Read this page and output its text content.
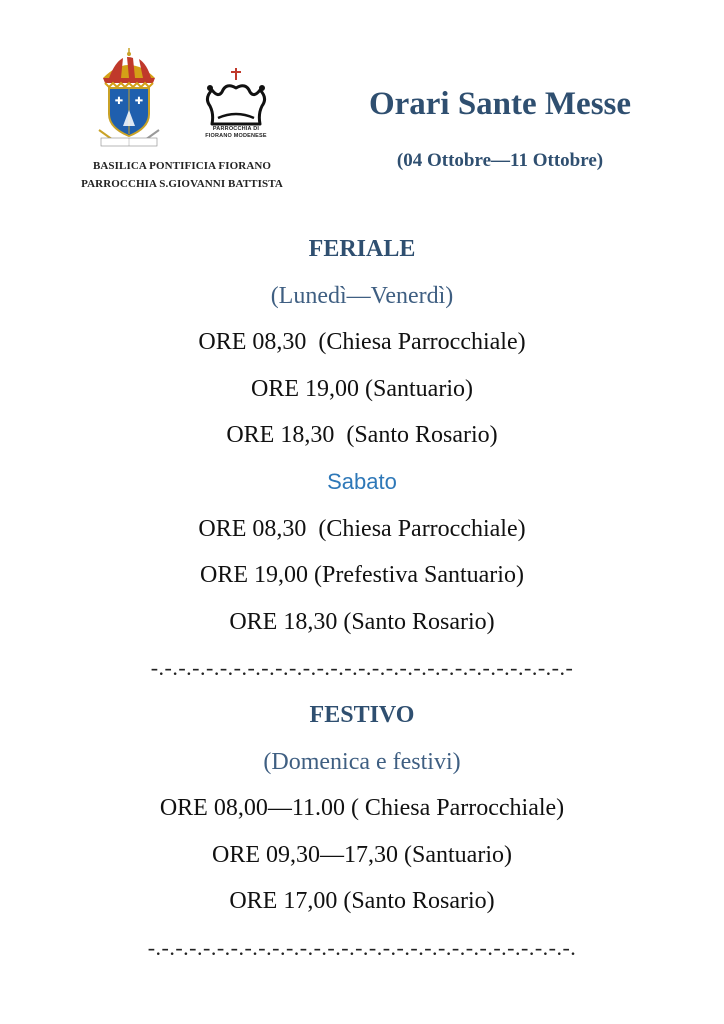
✚ ✚
PARROCCHIA DI
FIORANO MODENESE
BASILICA PONTIFICIA FIORANO
PARROCCHIA S.GIOVANNI BATTISTA
Orari Sante Messe
(04 Ottobre—11 Ottobre)
FERIALE
(Lunedì—Venerdì)
ORE 08,30  (Chiesa Parrocchiale)
ORE 19,00 (Santuario)
ORE 18,30  (Santo Rosario)
Sabato
ORE 08,30  (Chiesa Parrocchiale)
ORE 19,00 (Prefestiva Santuario)
ORE 18,30 (Santo Rosario)
-.-.-.-.-.-.-.-.-.-.-.-.-.-.-.-.-.-.-.-.-.-.-.-.-.-.-.-.-.-.-
FESTIVO
(Domenica e festivi)
ORE 08,00—11.00 ( Chiesa Parrocchiale)
ORE 09,30—17,30 (Santuario)
ORE 17,00 (Santo Rosario)
-.-.-.-.-.-.-.-.-.-.-.-.-.-.-.-.-.-.-.-.-.-.-.-.-.-.-.-.-.-.-.
